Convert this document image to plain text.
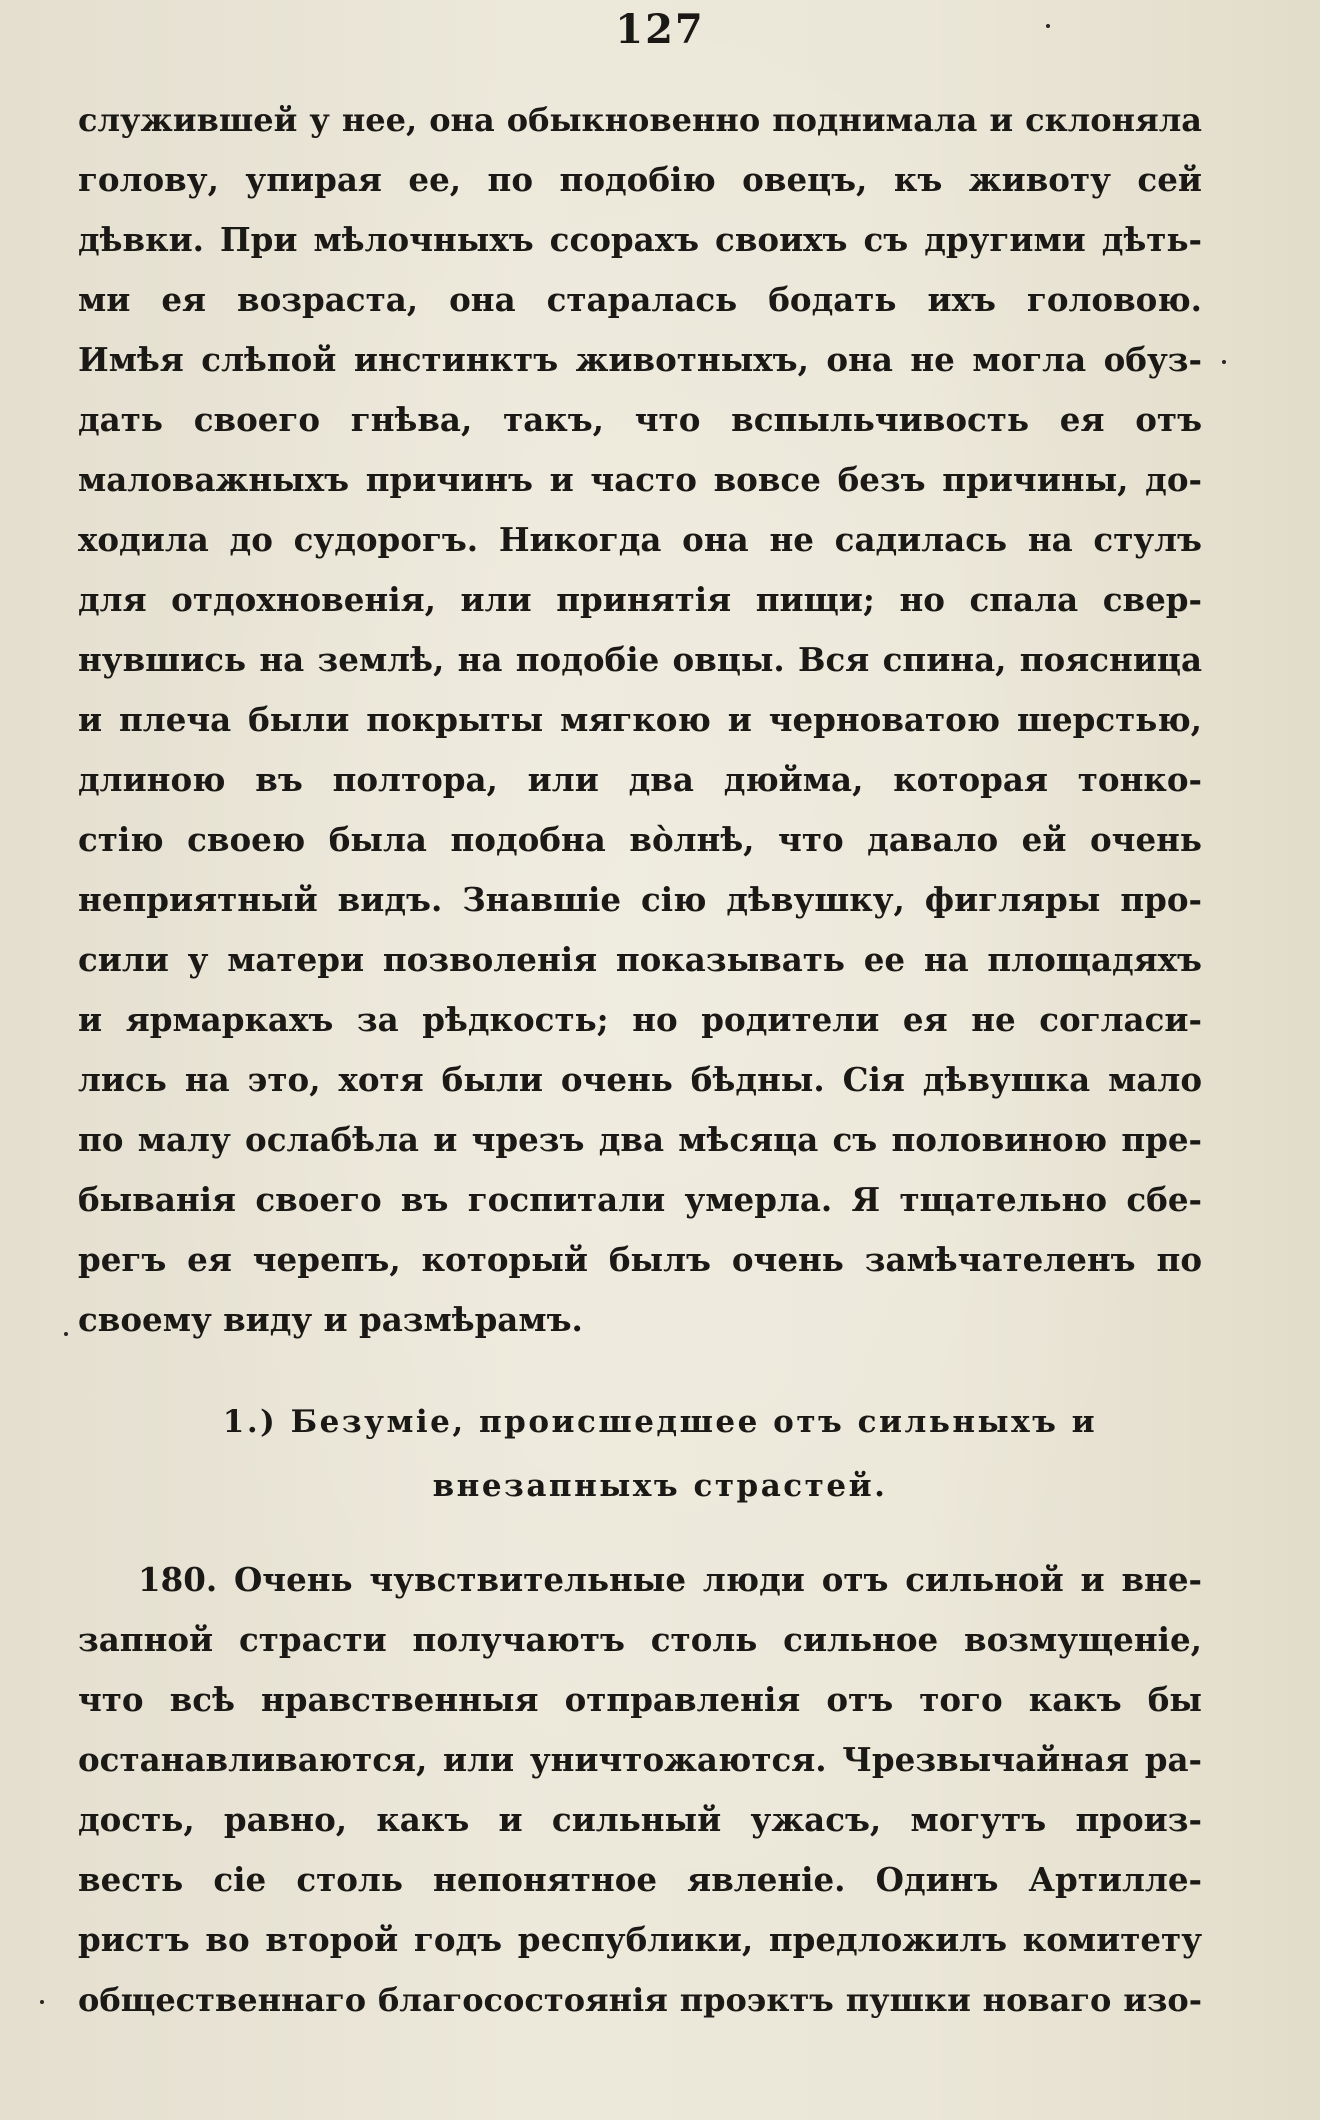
127

служившей у нее, она обыкновенно поднимала и склоняла

голову, упирая ее, по подобію овецъ, къ животу сей

дѣвки. При мѣлочныхъ ссорахъ своихъ съ другими дѣть-

ми ея возраста, она старалась бодать ихъ головою.

Имѣя слѣпой инстинктъ животныхъ, она не могла обуз-

дать своего гнѣва, такъ, что вспыльчивость ея отъ

маловажныхъ причинъ и часто вовсе безъ причины, до-

ходила до судорогъ. Никогда она не садилась на стулъ

для отдохновенія, или принятія пищи; но спала свер-

нувшись на землѣ, на подобіе овцы. Вся спина, поясница

и плеча были покрыты мягкою и черноватою шерстью,

длиною въ полтора, или два дюйма, которая тонко-

стію своею была подобна вòлнѣ, что давало ей очень

неприятный видъ. Знавшіе сію дѣвушку, фигляры про-

сили у матери позволенія показывать ее на площадяхъ

и ярмаркахъ за рѣдкость; но родители ея не согласи-

лись на это, хотя были очень бѣдны. Сія дѣвушка мало

по малу ослабѣла и чрезъ два мѣсяца съ половиною пре-

быванія своего въ госпитали умерла. Я тщательно сбе-

регъ ея черепъ, который былъ очень замѣчателенъ по

своему виду и размѣрамъ.

1.) Безуміе, происшедшее отъ сильныхъ и
внезапныхъ страстей.

180. Очень чувствительные люди отъ сильной и вне-

запной страсти получаютъ столь сильное возмущеніе,

что всѣ нравственныя отправленія отъ того какъ бы

останавливаются, или уничтожаются. Чрезвычайная ра-

дость, равно, какъ и сильный ужасъ, могутъ произ-

весть сіе столь непонятное явленіе. Одинъ Артилле-

ристъ во второй годъ республики, предложилъ комитету

общественнаго благосостоянія проэктъ пушки новаго изо-
